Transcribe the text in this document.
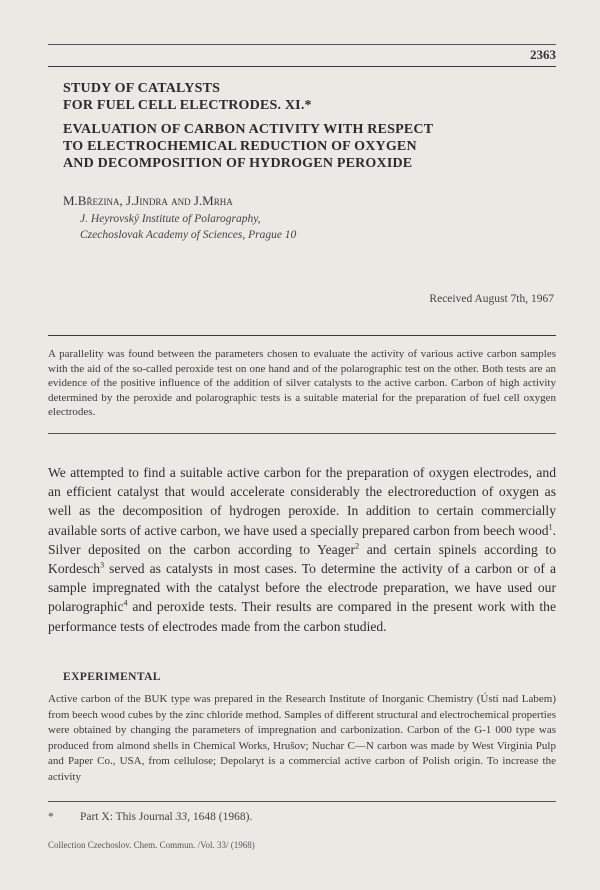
2363
STUDY OF CATALYSTS
FOR FUEL CELL ELECTRODES. XI.*
EVALUATION OF CARBON ACTIVITY WITH RESPECT
TO ELECTROCHEMICAL REDUCTION OF OXYGEN
AND DECOMPOSITION OF HYDROGEN PEROXIDE
M.Březina, J.Jindra and J.Mrha
J. Heyrovský Institute of Polarography,
Czechoslovak Academy of Sciences, Prague 10
Received August 7th, 1967
A parallelity was found between the parameters chosen to evaluate the activity of various active carbon samples with the aid of the so-called peroxide test on one hand and of the polarographic test on the other. Both tests are an evidence of the positive influence of the addition of silver catalysts to the active carbon. Carbon of high activity determined by the peroxide and polarographic tests is a suitable material for the preparation of fuel cell oxygen electrodes.
We attempted to find a suitable active carbon for the preparation of oxygen electrodes, and an efficient catalyst that would accelerate considerably the electroreduction of oxygen as well as the decomposition of hydrogen peroxide. In addition to certain commercially available sorts of active carbon, we have used a specially prepared carbon from beech wood$^1$. Silver deposited on the carbon according to Yeager$^2$ and certain spinels according to Kordesch$^3$ served as catalysts in most cases. To determine the activity of a carbon or of a sample impregnated with the catalyst before the electrode preparation, we have used our polarographic$^4$ and peroxide tests. Their results are compared in the present work with the performance tests of electrodes made from the carbon studied.
EXPERIMENTAL
Active carbon of the BUK type was prepared in the Research Institute of Inorganic Chemistry (Ústí nad Labem) from beech wood cubes by the zinc chloride method. Samples of different structural and electrochemical properties were obtained by changing the parameters of impregnation and carbonization. Carbon of the G-1 000 type was produced from almond shells in Chemical Works, Hrušov; Nuchar C—N carbon was made by West Virginia Pulp and Paper Co., USA, from cellulose; Depolaryt is a commercial active carbon of Polish origin. To increase the activity
* Part X: This Journal 33, 1648 (1968).
Collection Czechoslov. Chem. Commun. /Vol. 33/ (1968)
